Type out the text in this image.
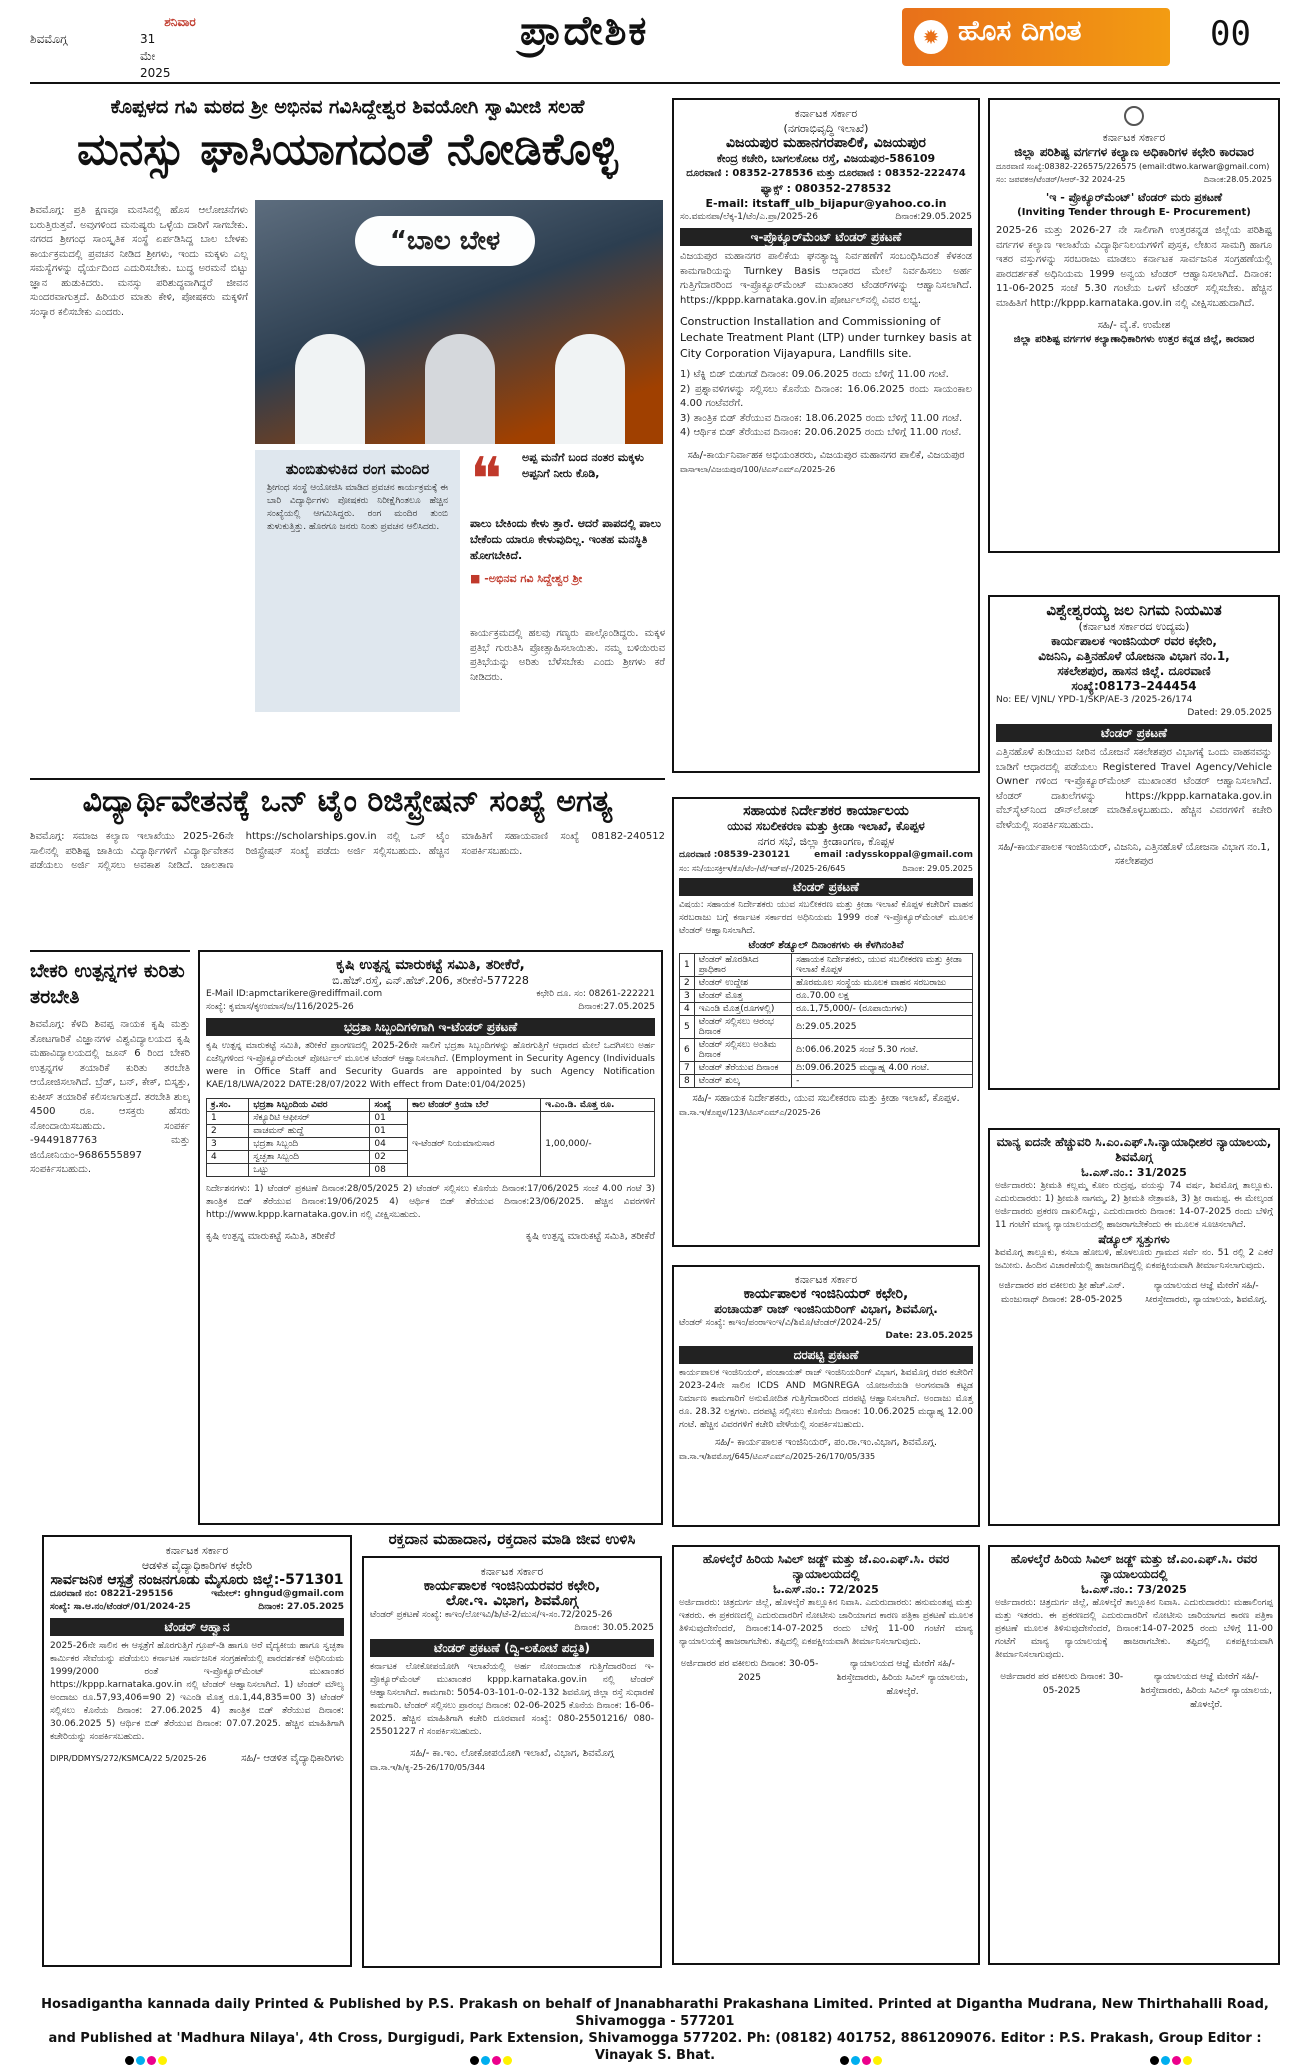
ಶನಿವಾರ
ಶಿವಮೊಗ್ಗ	31 ಮೇ 2025
ಪ್ರಾದೇಶಿಕ	✹ ಹೊಸ ದಿಗಂತ	00
ಕೊಪ್ಪಳದ ಗವಿ ಮಠದ ಶ್ರೀ ಅಭಿನವ ಗವಿಸಿದ್ದೇಶ್ವರ ಶಿವಯೋಗಿ ಸ್ವಾಮೀಜಿ ಸಲಹೆ
ಮನಸ್ಸು ಘಾಸಿಯಾಗದಂತೆ ನೋಡಿಕೊಳ್ಳಿ
ಶಿವಮೊಗ್ಗ: ಪ್ರತಿ ಕ್ಷಣವೂ ಮನಸಿನಲ್ಲಿ ಹೊಸ ಆಲೋಚನೆಗಳು ಬರುತ್ತಿರುತ್ತವೆ. ಅವುಗಳಿಂದ ಮನುಷ್ಯರು ಒಳ್ಳೆಯ ದಾರಿಗೆ ಸಾಗಬೇಕು. ನಗರದ ಶ್ರೀಗಂಧ ಸಾಂಸ್ಕೃತಿಕ ಸಂಸ್ಥೆ ಏರ್ಪಡಿಸಿದ್ದ ಬಾಲ ಬೇಳಕು ಕಾರ್ಯಕ್ರಮದಲ್ಲಿ ಪ್ರವಚನ ನೀಡಿದ ಶ್ರೀಗಳು, ಇಂದು ಮಕ್ಕಳು ಎಲ್ಲ ಸಮಸ್ಯೆಗಳನ್ನು ಧೈರ್ಯದಿಂದ ಎದುರಿಸಬೇಕು. ಬುದ್ಧ ಅರಮನೆ ಬಿಟ್ಟು ಜ್ಞಾನ ಹುಡುಕಿದರು. ಮನಸ್ಸು ಪರಿಶುದ್ಧವಾಗಿದ್ದರೆ ಜೀವನ ಸುಂದರವಾಗುತ್ತದೆ. ಹಿರಿಯರ ಮಾತು ಕೇಳಿ, ಪೋಷಕರು ಮಕ್ಕಳಿಗೆ ಸಂಸ್ಕಾರ ಕಲಿಸಬೇಕು ಎಂದರು.
“ಬಾಲ ಬೇಳ
ತುಂಬಿತುಳುಕಿದ ರಂಗ ಮಂದಿರ
ಶ್ರೀಗಂಧ ಸಂಸ್ಥೆ ಆಯೋಜಿಸಿ ಮಾಡಿದ ಪ್ರವಚನ ಕಾರ್ಯಕ್ರಮಕ್ಕೆ ಈ ಬಾರಿ ವಿದ್ಯಾರ್ಥಿಗಳು ಪೋಷಕರು ನಿರೀಕ್ಷೆಗಿಂತಲೂ ಹೆಚ್ಚಿನ ಸಂಖ್ಯೆಯಲ್ಲಿ ಆಗಮಿಸಿದ್ದರು. ರಂಗ ಮಂದಿರ ತುಂಬಿ ತುಳುಕುತ್ತಿತ್ತು. ಹೊರಗೂ ಜನರು ನಿಂತು ಪ್ರವಚನ ಆಲಿಸಿದರು.
❝	ಅಪ್ಪ ಮನೆಗೆ ಬಂದ ನಂತರ ಮಕ್ಕಳು ಅಪ್ಪನಿಗೆ ನೀರು ಕೊಡಿ,
ಪಾಲು ಬೇಕಿಂದು ಕೇಳು ತ್ತಾರೆ. ಆದರೆ ಪಾಪದಲ್ಲಿ ಪಾಲು ಬೇಕೆಂದು ಯಾರೂ ಕೇಳುವುದಿಲ್ಲ. ಇಂತಹ ಮನಸ್ಥಿತಿ ಹೋಗಬೇಕಿದೆ.
■ -ಅಭಿನವ ಗವಿ ಸಿದ್ದೇಶ್ವರ ಶ್ರೀ
ಕಾರ್ಯಕ್ರಮದಲ್ಲಿ ಹಲವು ಗಣ್ಯರು ಪಾಲ್ಗೊಂಡಿದ್ದರು. ಮಕ್ಕಳ ಪ್ರತಿಭೆ ಗುರುತಿಸಿ ಪ್ರೋತ್ಸಾಹಿಸಲಾಯಿತು. ನಮ್ಮ ಬಳಿಯಿರುವ ಪ್ರತಿಭೆಯನ್ನು ಅರಿತು ಬೆಳೆಸಬೇಕು ಎಂದು ಶ್ರೀಗಳು ಕರೆ ನೀಡಿದರು.
ವಿದ್ಯಾರ್ಥಿವೇತನಕ್ಕೆ ಒನ್ ಟೈಂ ರಿಜಿಸ್ಟ್ರೇಷನ್ ಸಂಖ್ಯೆ ಅಗತ್ಯ
ಶಿವಮೊಗ್ಗ: ಸಮಾಜ ಕಲ್ಯಾಣ ಇಲಾಖೆಯು 2025-26ನೇ ಸಾಲಿನಲ್ಲಿ ಪರಿಶಿಷ್ಟ ಜಾತಿಯ ವಿದ್ಯಾರ್ಥಿಗಳಿಗೆ ವಿದ್ಯಾರ್ಥಿವೇತನ ಪಡೆಯಲು ಅರ್ಜಿ ಸಲ್ಲಿಸಲು ಅವಕಾಶ ನೀಡಿದೆ. ಜಾಲತಾಣ https://scholarships.gov.in ನಲ್ಲಿ ಒನ್ ಟೈಂ ರಿಜಿಸ್ಟ್ರೇಷನ್ ಸಂಖ್ಯೆ ಪಡೆದು ಅರ್ಜಿ ಸಲ್ಲಿಸಬಹುದು. ಹೆಚ್ಚಿನ ಮಾಹಿತಿಗೆ ಸಹಾಯವಾಣಿ ಸಂಖ್ಯೆ 08182-240512 ಸಂಪರ್ಕಿಸಬಹುದು.
ಬೇಕರಿ ಉತ್ಪನ್ನಗಳ ಕುರಿತು ತರಬೇತಿ
ಶಿವಮೊಗ್ಗ: ಕೆಳದಿ ಶಿವಪ್ಪ ನಾಯಕ ಕೃಷಿ ಮತ್ತು ತೋಟಗಾರಿಕೆ ವಿಜ್ಞಾನಗಳ ವಿಶ್ವವಿದ್ಯಾಲಯದ ಕೃಷಿ ಮಹಾವಿದ್ಯಾಲಯದಲ್ಲಿ ಜೂನ್ 6 ರಿಂದ ಬೇಕರಿ ಉತ್ಪನ್ನಗಳ ತಯಾರಿಕೆ ಕುರಿತು ತರಬೇತಿ ಆಯೋಜಿಸಲಾಗಿದೆ. ಬ್ರೆಡ್, ಬನ್, ಕೇಕ್, ಬಿಸ್ಕತ್ತು, ಕುಕೀಸ್ ತಯಾರಿಕೆ ಕಲಿಸಲಾಗುತ್ತದೆ. ತರಬೇತಿ ಶುಲ್ಕ 4500 ರೂ. ಆಸಕ್ತರು ಹೆಸರು ನೋಂದಾಯಿಸಬಹುದು. ಸಂಪರ್ಕ -9449187763 ಮತ್ತು ಜಿಯೋನಿಯಂ-9686555897 ಸಂಪರ್ಕಿಸಬಹುದು.
ಕೃಷಿ ಉತ್ಪನ್ನ ಮಾರುಕಟ್ಟೆ ಸಮಿತಿ, ತರೀಕೆರೆ,
ಬಿ.ಹೆಚ್.ರಸ್ತೆ, ಎನ್.ಹೆಚ್.206, ತರೀಕೆರೆ-577228
E-Mail ID:apmctarikere@rediffmail.com	ಕಛೇರಿ ದೂ. ಸಂ: 08261-222221
ಸಂಖ್ಯೆ: ಕೃಮಾಸ/ಕೃಉಮಾಸ/ಜ/116/2025-26	ದಿನಾಂಕ:27.05.2025
ಭದ್ರತಾ ಸಿಬ್ಬಂದಿಗಳಿಗಾಗಿ ಇ-ಟೆಂಡರ್ ಪ್ರಕಟಣೆ
ಕೃಷಿ ಉತ್ಪನ್ನ ಮಾರುಕಟ್ಟೆ ಸಮಿತಿ, ತರೀಕೆರೆ ಪ್ರಾಂಗಣದಲ್ಲಿ 2025-26ನೇ ಸಾಲಿಗೆ ಭದ್ರತಾ ಸಿಬ್ಬಂದಿಗಳನ್ನು ಹೊರಗುತ್ತಿಗೆ ಆಧಾರದ ಮೇಲೆ ಒದಗಿಸಲು ಅರ್ಹ ಏಜೆನ್ಸಿಗಳಿಂದ ಇ-ಪ್ರೊಕ್ಯೂರ್‌ಮೆಂಟ್ ಪೋರ್ಟಲ್ ಮೂಲಕ ಟೆಂಡರ್ ಆಹ್ವಾನಿಸಲಾಗಿದೆ. (Employment in Security Agency (Individuals were in Office Staff and Security Guards are appointed by such Agency Notification KAE/18/LWA/2022 DATE:28/07/2022 With effect from Date:01/04/2025)
ಕ್ರ.ಸಂ.	ಭದ್ರತಾ ಸಿಬ್ಬಂದಿಯ ವಿವರ	ಸಂಖ್ಯೆ	ಕಾಲ ಟೆಂಡರ್ ಕ್ರಿಯಾ ಬೆಲೆ	ಇ.ಎಂ.ಡಿ. ಮೊತ್ತ ರೂ.
1	ಸೆಕ್ಯೂರಿಟಿ ಆಫೀಸರ್	01	ಇ-ಟೆಂಡರ್ ನಿಯಮಾನುಸಾರ	1,00,000/-
2	ವಾಚಮನ್ ಹುದ್ದೆ	01		
3	ಭದ್ರತಾ ಸಿಬ್ಬಂದಿ	04		
4	ಸ್ವಚ್ಛತಾ ಸಿಬ್ಬಂದಿ	02		
	ಒಟ್ಟು	08		
ನಿರ್ದೇಶನಗಳು: 1) ಟೆಂಡರ್ ಪ್ರಕಟಣೆ ದಿನಾಂಕ:28/05/2025 2) ಟೆಂಡರ್ ಸಲ್ಲಿಸಲು ಕೊನೆಯ ದಿನಾಂಕ:17/06/2025 ಸಂಜೆ 4.00 ಗಂಟೆ 3) ತಾಂತ್ರಿಕ ಬಿಡ್ ತೆರೆಯುವ ದಿನಾಂಕ:19/06/2025 4) ಆರ್ಥಿಕ ಬಿಡ್ ತೆರೆಯುವ ದಿನಾಂಕ:23/06/2025. ಹೆಚ್ಚಿನ ವಿವರಗಳಿಗೆ http://www.kppp.karnataka.gov.in ನಲ್ಲಿ ವೀಕ್ಷಿಸಬಹುದು.
ಕೃಷಿ ಉತ್ಪನ್ನ ಮಾರುಕಟ್ಟೆ ಸಮಿತಿ, ತರೀಕೆರೆ	ಕೃಷಿ ಉತ್ಪನ್ನ ಮಾರುಕಟ್ಟೆ ಸಮಿತಿ, ತರೀಕೆರೆ
ಕರ್ನಾಟಕ ಸರ್ಕಾರ
ಆಡಳಿತ ವೈದ್ಯಾಧಿಕಾರಿಗಳ ಕಛೇರಿ
ಸಾರ್ವಜನಿಕ ಆಸ್ಪತ್ರೆ ನಂಜನಗೂಡು ಮೈಸೂರು ಜಿಲ್ಲೆ:-571301
ದೂರವಾಣಿ ನಂ: 08221-295156	ಇಮೇಲ್: ghngud@gmail.com
ಸಂಖ್ಯೆ: ಸಾ.ಆ.ನಂ/ಟೆಂಡರ್/01/2024-25	ದಿನಾಂಕ: 27.05.2025
ಟೆಂಡರ್ ಆಹ್ವಾನ
2025-26ನೇ ಸಾಲಿನ ಈ ಆಸ್ಪತ್ರೆಗೆ ಹೊರಗುತ್ತಿಗೆ ಗ್ರೂಪ್-ಡಿ ಹಾಗೂ ಅರೆ ವೈದ್ಯಕೀಯ ಹಾಗೂ ಸ್ವಚ್ಛತಾ ಕಾರ್ಮಿಕರ ಸೇವೆಯನ್ನು ಪಡೆಯಲು ಕರ್ನಾಟಕ ಸಾರ್ವಜನಿಕ ಸಂಗ್ರಹಣೆಯಲ್ಲಿ ಪಾರದರ್ಶಕತೆ ಅಧಿನಿಯಮ 1999/2000 ರಂತೆ ಇ-ಪ್ರೊಕ್ಯೂರ್‌ಮೆಂಟ್ ಮುಖಾಂತರ https://kppp.karnataka.gov.in ನಲ್ಲಿ ಟೆಂಡರ್ ಆಹ್ವಾನಿಸಲಾಗಿದೆ. 1) ಟೆಂಡರ್ ಮೌಲ್ಯ ಅಂದಾಜು ರೂ.57,93,406=90 2) ಇಎಂಡಿ ಮೊತ್ತ ರೂ.1,44,835=00 3) ಟೆಂಡರ್ ಸಲ್ಲಿಸಲು ಕೊನೆಯ ದಿನಾಂಕ: 27.06.2025 4) ತಾಂತ್ರಿಕ ಬಿಡ್ ತೆರೆಯುವ ದಿನಾಂಕ: 30.06.2025 5) ಆರ್ಥಿಕ ಬಿಡ್ ತೆರೆಯುವ ದಿನಾಂಕ: 07.07.2025. ಹೆಚ್ಚಿನ ಮಾಹಿತಿಗಾಗಿ ಕಚೇರಿಯನ್ನು ಸಂಪರ್ಕಿಸಬಹುದು.
DIPR/DDMYS/272/KSMCA/22 5/2025-26	ಸಹಿ/- ಆಡಳಿತ ವೈದ್ಯಾಧಿಕಾರಿಗಳು
ರಕ್ತದಾನ ಮಹಾದಾನ, ರಕ್ತದಾನ ಮಾಡಿ ಜೀವ ಉಳಿಸಿ
ಕರ್ನಾಟಕ ಸರ್ಕಾರ
ಕಾರ್ಯಪಾಲಕ ಇಂಜಿನಿಯರವರ ಕಛೇರಿ,
ಲೋ.ಇ. ವಿಭಾಗ, ಶಿವಮೊಗ್ಗ
ಟೆಂಡರ್ ಪ್ರಕಟಣೆ ಸಂಖ್ಯೆ: ಕಾಇಂ/ಲೋಇವಿ/ಶಿ/ಟೆ-2/ಮುಸ/ಇ-ಸಂ.72/2025-26
ದಿನಾಂಕ: 30.05.2025
ಟೆಂಡರ್ ಪ್ರಕಟಣೆ (ದ್ವಿ-ಲಕೋಟೆ ಪದ್ಧತಿ)
ಕರ್ನಾಟಕ ಲೋಕೋಪಯೋಗಿ ಇಲಾಖೆಯಲ್ಲಿ ಅರ್ಹ ನೋಂದಾಯಿತ ಗುತ್ತಿಗೆದಾರರಿಂದ ಇ-ಪ್ರೊಕ್ಯೂರ್‌ಮೆಂಟ್ ಮುಖಾಂತರ kppp.karnataka.gov.in ನಲ್ಲಿ ಟೆಂಡರ್ ಆಹ್ವಾನಿಸಲಾಗಿದೆ. ಕಾಮಗಾರಿ: 5054-03-101-0-02-132 ಶಿವಮೊಗ್ಗ ಜಿಲ್ಲಾ ರಸ್ತೆ ಸುಧಾರಣೆ ಕಾಮಗಾರಿ. ಟೆಂಡರ್ ಸಲ್ಲಿಸಲು ಪ್ರಾರಂಭ ದಿನಾಂಕ: 02-06-2025 ಕೊನೆಯ ದಿನಾಂಕ: 16-06-2025. ಹೆಚ್ಚಿನ ಮಾಹಿತಿಗಾಗಿ ಕಚೇರಿ ದೂರವಾಣಿ ಸಂಖ್ಯೆ: 080-25501216/ 080-25501227 ಗೆ ಸಂಪರ್ಕಿಸಬಹುದು.
ಸಹಿ/- ಕಾ.ಇಂ. ಲೋಕೋಪಯೋಗಿ ಇಲಾಖೆ, ವಿಭಾಗ, ಶಿವಮೊಗ್ಗ
ವಾ.ಸಾ.ಇ/ಶಿ/ಕೃ-25-26/170/05/344
ಕರ್ನಾಟಕ ಸರ್ಕಾರ
(ನಗರಾಭಿವೃದ್ಧಿ ಇಲಾಖೆ)
ವಿಜಯಪುರ ಮಹಾನಗರಪಾಲಿಕೆ, ವಿಜಯಪುರ
ಕೇಂದ್ರ ಕಚೇರಿ, ಬಾಗಲಕೋಟ ರಸ್ತೆ, ವಿಜಯಪುರ-586109
ದೂರವಾಣಿ : 08352-278536 ಮತ್ತು ದೂರವಾಣಿ : 08352-222474
ಫ್ಯಾಕ್ಸ್ : 080352-278532
E-mail: itstaff_ulb_bijapur@yahoo.co.in
ಸಂ.ವಮನಪಾ/ಲೆಕ್ಕ-1/ಟೆಂ/ಎ.ಪ್ರಾ/2025-26	ದಿನಾಂಕ:29.05.2025
ಇ-ಪ್ರೊಕ್ಯೂರ್‌ಮೆಂಟ್ ಟೆಂಡರ್ ಪ್ರಕಟಣೆ
ವಿಜಯಪುರ ಮಹಾನಗರ ಪಾಲಿಕೆಯ ಘನತ್ಯಾಜ್ಯ ನಿರ್ವಹಣೆಗೆ ಸಂಬಂಧಿಸಿದಂತೆ ಕೆಳಕಂಡ ಕಾಮಗಾರಿಯನ್ನು Turnkey Basis ಆಧಾರದ ಮೇಲೆ ನಿರ್ವಹಿಸಲು ಅರ್ಹ ಗುತ್ತಿಗೆದಾರರಿಂದ ಇ-ಪ್ರೊಕ್ಯೂರ್‌ಮೆಂಟ್ ಮುಖಾಂತರ ಟೆಂಡರ್‌ಗಳನ್ನು ಆಹ್ವಾನಿಸಲಾಗಿದೆ. https://kppp.karnataka.gov.in ಪೋರ್ಟಲ್‌ನಲ್ಲಿ ವಿವರ ಲಭ್ಯ.
Construction Installation and Commissioning of Lechate Treatment Plant (LTP) under turnkey basis at City Corporation Vijayapura, Landfills site.
1) ಟೆಕ್ನಿ ಬಿಡ್ ಬಿಡುಗಡೆ ದಿನಾಂಕ: 09.06.2025 ರಂದು ಬೆಳಿಗ್ಗೆ 11.00 ಗಂಟೆ.
2) ಪ್ರಶ್ನಾವಳಿಗಳನ್ನು ಸಲ್ಲಿಸಲು ಕೊನೆಯ ದಿನಾಂಕ: 16.06.2025 ರಂದು ಸಾಯಂಕಾಲ 4.00 ಗಂಟೆವರೆಗೆ.
3) ತಾಂತ್ರಿಕ ಬಿಡ್ ತೆರೆಯುವ ದಿನಾಂಕ: 18.06.2025 ರಂದು ಬೆಳಿಗ್ಗೆ 11.00 ಗಂಟೆ.
4) ಆರ್ಥಿಕ ಬಿಡ್ ತೆರೆಯುವ ದಿನಾಂಕ: 20.06.2025 ರಂದು ಬೆಳಿಗ್ಗೆ 11.00 ಗಂಟೆ.
ಸಹಿ/-ಕಾರ್ಯನಿರ್ವಾಹಕ ಅಭಿಯಂತರರು, ವಿಜಯಪುರ ಮಹಾನಗರ ಪಾಲಿಕೆ, ವಿಜಯಪುರ
ವಾಸಾಇಲಾ/ವಿಜಯಪುರ/100/ಟಿಎಸ್‌ಎಮ್‌ಎ/2025-26
ಕರ್ನಾಟಕ ಸರ್ಕಾರ
ಜಿಲ್ಲಾ ಪರಿಶಿಷ್ಟ ವರ್ಗಗಳ ಕಲ್ಯಾಣ ಅಧಿಕಾರಿಗಳ ಕಛೇರಿ ಕಾರವಾರ
ದೂರವಾಣಿ ಸಂಖ್ಯೆ:08382-226575/226575 (email:dtwo.karwar@gmail.com)
ಸಂ: ಜಪವಕಅ/ಟೆಂಡರ್/ಸಿಆರ್-32 2024-25	ದಿನಾಂಕ:28.05.2025
'ಇ - ಪ್ರೊಕ್ಯೂರ್‌ಮೆಂಟ್' ಟೆಂಡರ್ ಮರು ಪ್ರಕಟಣೆ
(Inviting Tender through E- Procurement)
2025-26 ಮತ್ತು 2026-27 ನೇ ಸಾಲಿಗಾಗಿ ಉತ್ತರಕನ್ನಡ ಜಿಲ್ಲೆಯ ಪರಿಶಿಷ್ಟ ವರ್ಗಗಳ ಕಲ್ಯಾಣ ಇಲಾಖೆಯ ವಿದ್ಯಾರ್ಥಿನಿಲಯಗಳಿಗೆ ಪುಸ್ತಕ, ಲೇಖನ ಸಾಮಗ್ರಿ ಹಾಗೂ ಇತರ ವಸ್ತುಗಳನ್ನು ಸರಬರಾಜು ಮಾಡಲು ಕರ್ನಾಟಕ ಸಾರ್ವಜನಿಕ ಸಂಗ್ರಹಣೆಯಲ್ಲಿ ಪಾರದರ್ಶಕತೆ ಅಧಿನಿಯಮ 1999 ಅನ್ವಯ ಟೆಂಡರ್ ಆಹ್ವಾನಿಸಲಾಗಿದೆ. ದಿನಾಂಕ: 11-06-2025 ಸಂಜೆ 5.30 ಗಂಟೆಯ ಒಳಗೆ ಟೆಂಡರ್ ಸಲ್ಲಿಸಬೇಕು. ಹೆಚ್ಚಿನ ಮಾಹಿತಿಗೆ http://kppp.karnataka.gov.in ನಲ್ಲಿ ವೀಕ್ಷಿಸಬಹುದಾಗಿದೆ.
ಸಹಿ/- ವೈ.ಕೆ. ಉಮೇಶ
ಜಿಲ್ಲಾ ಪರಿಶಿಷ್ಟ ವರ್ಗಗಳ ಕಲ್ಯಾಣಾಧಿಕಾರಿಗಳು ಉತ್ತರ ಕನ್ನಡ ಜಿಲ್ಲೆ, ಕಾರವಾರ
ವಿಶ್ವೇಶ್ವರಯ್ಯ ಜಲ ನಿಗಮ ನಿಯಮಿತ
(ಕರ್ನಾಟಕ ಸರ್ಕಾರದ ಉದ್ಯಮ)
ಕಾರ್ಯಪಾಲಕ ಇಂಜಿನಿಯರ್ ರವರ ಕಛೇರಿ,
ವಿಜನಿನಿ, ಎತ್ತಿನಹೊಳೆ ಯೋಜನಾ ವಿಭಾಗ ನಂ.1,
ಸಕಲೇಶಪುರ, ಹಾಸನ ಜಿಲ್ಲೆ. ದೂರವಾಣಿ
ಸಂಖ್ಯೆ:08173–244454
No: EE/ VJNL/ YPD-1/SKP/AE-3 /2025-26/174
Dated: 29.05.2025
ಟೆಂಡರ್ ಪ್ರಕಟಣೆ
ಎತ್ತಿನಹೊಳೆ ಕುಡಿಯುವ ನೀರಿನ ಯೋಜನೆ ಸಕಲೇಶಪುರ ವಿಭಾಗಕ್ಕೆ ಒಂದು ವಾಹನವನ್ನು ಬಾಡಿಗೆ ಆಧಾರದಲ್ಲಿ ಪಡೆಯಲು Registered Travel Agency/Vehicle Owner ಗಳಿಂದ ಇ-ಪ್ರೊಕ್ಯೂರ್‌ಮೆಂಟ್ ಮುಖಾಂತರ ಟೆಂಡರ್ ಆಹ್ವಾನಿಸಲಾಗಿದೆ. ಟೆಂಡರ್ ದಾಖಲೆಗಳನ್ನು https://kppp.karnataka.gov.in ವೆಬ್‌ಸೈಟ್‌ನಿಂದ ಡೌನ್‌ಲೋಡ್ ಮಾಡಿಕೊಳ್ಳಬಹುದು. ಹೆಚ್ಚಿನ ವಿವರಗಳಿಗೆ ಕಚೇರಿ ವೇಳೆಯಲ್ಲಿ ಸಂಪರ್ಕಿಸಬಹುದು.
ಸಹಿ/-ಕಾರ್ಯಪಾಲಕ ಇಂಜಿನಿಯರ್, ವಿಜನಿನಿ, ಎತ್ತಿನಹೊಳೆ ಯೋಜನಾ ವಿಭಾಗ ನಂ.1, ಸಕಲೇಶಪುರ
ಸಹಾಯಕ ನಿರ್ದೇಶಕರ ಕಾರ್ಯಾಲಯ
ಯುವ ಸಬಲೀಕರಣ ಮತ್ತು ಕ್ರೀಡಾ ಇಲಾಖೆ, ಕೊಪ್ಪಳ
ನಗರ ಸಭೆ, ಜಿಲ್ಲಾ ಕ್ರೀಡಾಂಗಣ, ಕೊಪ್ಪಳ
ದೂರವಾಣಿ :08539-230121	email :adysskoppal@gmail.com
ಸಂ: ಸನಿ/ಯುಸಕ್ರೀಇ/ಕೊ/ಟೆಂ-/ಟೆ/ಇಡ್‌ಪ/-/2025-26/645	ದಿನಾಂಕ: 29.05.2025
ಟೆಂಡರ್ ಪ್ರಕಟಣೆ
ವಿಷಯ: ಸಹಾಯಕ ನಿರ್ದೇಶಕರು ಯುವ ಸಬಲೀಕರಣ ಮತ್ತು ಕ್ರೀಡಾ ಇಲಾಖೆ ಕೊಪ್ಪಳ ಕಚೇರಿಗೆ ವಾಹನ ಸರಬರಾಜು ಬಗ್ಗೆ ಕರ್ನಾಟಕ ಸರ್ಕಾರದ ಅಧಿನಿಯಮ 1999 ರಂತೆ ಇ-ಪ್ರೊಕ್ಯೂರ್‌ಮೆಂಟ್ ಮೂಲಕ ಟೆಂಡರ್ ಆಹ್ವಾನಿಸಲಾಗಿದೆ.
ಟೆಂಡರ್ ಶೆಡ್ಯೂಲ್ ದಿನಾಂಕಗಳು ಈ ಕೆಳಗಿನಂತಿವೆ
1	ಟೆಂಡರ್ ಹೊರಡಿಸಿದ ಪ್ರಾಧಿಕಾರ	ಸಹಾಯಕ ನಿರ್ದೇಶಕರು, ಯುವ ಸಬಲೀಕರಣ ಮತ್ತು ಕ್ರೀಡಾ ಇಲಾಖೆ ಕೊಪ್ಪಳ
2	ಟೆಂಡರ್ ಉದ್ದೇಶ	ಹೊರಮೂಲ ಸಂಸ್ಥೆಯ ಮೂಲಕ ವಾಹನ ಸರಬರಾಜು
3	ಟೆಂಡರ್ ಮೊತ್ತ	ರೂ.70.00 ಲಕ್ಷ
4	ಇಎಂಡಿ ಮೊತ್ತ(ರೂಗಳಲ್ಲಿ)	ರೂ.1,75,000/- (ರೂಪಾಯಿಗಳು)
5	ಟೆಂಡರ್ ಸಲ್ಲಿಸಲು ಆರಂಭ ದಿನಾಂಕ	ದಿ:29.05.2025
6	ಟೆಂಡರ್ ಸಲ್ಲಿಸಲು ಅಂತಿಮ ದಿನಾಂಕ	ದಿ:06.06.2025 ಸಂಜೆ 5.30 ಗಂಟೆ.
7	ಟೆಂಡರ್ ತೆರೆಯುವ ದಿನಾಂಕ	ದಿ:09.06.2025 ಮಧ್ಯಾಹ್ನ 4.00 ಗಂಟೆ.
8	ಟೆಂಡರ್ ಶುಲ್ಕ	-
ಸಹಿ/- ಸಹಾಯಕ ನಿರ್ದೇಶಕರು, ಯುವ ಸಬಲೀಕರಣ ಮತ್ತು ಕ್ರೀಡಾ ಇಲಾಖೆ, ಕೊಪ್ಪಳ.
ವಾ.ಸಾ.ಇ/ಕೊಪ್ಪಳ/123/ಟಿಎಸ್‌ಎಮ್‌ಎ/2025-26
ಕರ್ನಾಟಕ ಸರ್ಕಾರ
ಕಾರ್ಯಪಾಲಕ ಇಂಜಿನಿಯರ್ ಕಛೇರಿ,
ಪಂಚಾಯತ್ ರಾಜ್ ಇಂಜಿನಿಯರಿಂಗ್ ವಿಭಾಗ, ಶಿವಮೊಗ್ಗ.
ಟೆಂಡರ್ ಸಂಖ್ಯೆ: ಕಾಇಂ/ಪಂರಾಇಂಇ/ವಿ/ಶಿಮೊ/ಟೆಂಡರ್/2024-25/
Date: 23.05.2025
ದರಪಟ್ಟಿ ಪ್ರಕಟಣೆ
ಕಾರ್ಯಪಾಲಕ ಇಂಜಿನಿಯರ್, ಪಂಚಾಯತ್ ರಾಜ್ ಇಂಜಿನಿಯರಿಂಗ್ ವಿಭಾಗ, ಶಿವಮೊಗ್ಗ ರವರ ಕಚೇರಿಗೆ 2023-24ನೇ ಸಾಲಿನ ICDS AND MGNREGA ಯೋಜನೆಯಡಿ ಅಂಗನವಾಡಿ ಕಟ್ಟಡ ನಿರ್ಮಾಣ ಕಾಮಗಾರಿಗೆ ಅನುಮೋದಿತ ಗುತ್ತಿಗೆದಾರರಿಂದ ದರಪಟ್ಟಿ ಆಹ್ವಾನಿಸಲಾಗಿದೆ. ಅಂದಾಜು ಮೊತ್ತ ರೂ. 28.32 ಲಕ್ಷಗಳು. ದರಪಟ್ಟಿ ಸಲ್ಲಿಸಲು ಕೊನೆಯ ದಿನಾಂಕ: 10.06.2025 ಮಧ್ಯಾಹ್ನ 12.00 ಗಂಟೆ. ಹೆಚ್ಚಿನ ವಿವರಗಳಿಗೆ ಕಚೇರಿ ವೇಳೆಯಲ್ಲಿ ಸಂಪರ್ಕಿಸಬಹುದು.
ಸಹಿ/- ಕಾರ್ಯಪಾಲಕ ಇಂಜಿನಿಯರ್, ಪಂ.ರಾ.ಇಂ.ವಿಭಾಗ, ಶಿವಮೊಗ್ಗ.
ವಾ.ಸಾ.ಇ/ಶಿವಮೊಗ್ಗ/645/ಟಿಎಸ್‌ಎಮ್‌ಎ/2025-26/170/05/335
ಮಾನ್ಯ ಐದನೇ ಹೆಚ್ಚುವರಿ ಸಿ.ಎಂ.ಎಫ್.ಸಿ.ನ್ಯಾಯಾಧೀಶರ ನ್ಯಾಯಾಲಯ, ಶಿವಮೊಗ್ಗ
ಓ.ಎಸ್.ನಂ.: 31/2025
ಅರ್ಜಿದಾರರು: ಶ್ರೀಮತಿ ಕಲ್ಲಮ್ಮ ಕೋಂ ರುದ್ರಪ್ಪ, ವಯಸ್ಸು 74 ವರ್ಷ, ಶಿವಮೊಗ್ಗ ತಾಲ್ಲೂಕು. ಎದುರುದಾರರು: 1) ಶ್ರೀಮತಿ ನಾಗಮ್ಮ, 2) ಶ್ರೀಮತಿ ನೇತ್ರಾವತಿ, 3) ಶ್ರೀ ರಾಮಪ್ಪ. ಈ ಮೇಲ್ಕಂಡ ಅರ್ಜಿದಾರರು ಪ್ರಕರಣ ದಾಖಲಿಸಿದ್ದು, ಎದುರುದಾರರು ದಿನಾಂಕ: 14-07-2025 ರಂದು ಬೆಳಿಗ್ಗೆ 11 ಗಂಟೆಗೆ ಮಾನ್ಯ ನ್ಯಾಯಾಲಯದಲ್ಲಿ ಹಾಜರಾಗಬೇಕೆಂದು ಈ ಮೂಲಕ ಸೂಚಿಸಲಾಗಿದೆ.
ಷೆಡ್ಯೂಲ್ ಸ್ವತ್ತುಗಳು
ಶಿವಮೊಗ್ಗ ತಾಲ್ಲೂಕು, ಕಸಬಾ ಹೋಬಳಿ, ಹೊಳಲೂರು ಗ್ರಾಮದ ಸರ್ವೆ ನಂ. 51 ರಲ್ಲಿ 2 ಎಕರೆ ಜಮೀನು. ಹಿಂದಿನ ವಿಚಾರಣೆಯಲ್ಲಿ ಹಾಜರಾಗದಿದ್ದಲ್ಲಿ ಏಕಪಕ್ಷೀಯವಾಗಿ ತೀರ್ಮಾನಿಸಲಾಗುವುದು.
ಅರ್ಜಿದಾರರ ಪರ ವಕೀಲರು ಶ್ರೀ ಹೆಚ್.ಎನ್. ಮಂಜುನಾಥ್ ದಿನಾಂಕ: 28-05-2025
ನ್ಯಾಯಾಲಯದ ಆಜ್ಞೆ ಮೇರೆಗೆ ಸಹಿ/- ಸೀರಸ್ತೇದಾರರು, ನ್ಯಾಯಾಲಯ, ಶಿವಮೊಗ್ಗ.
ಹೊಳಲ್ಕೆರೆ ಹಿರಿಯ ಸಿವಿಲ್ ಜಡ್ಜ್ ಮತ್ತು ಜೆ.ಎಂ.ಎಫ್.ಸಿ. ರವರ ನ್ಯಾಯಾಲಯದಲ್ಲಿ
ಓ.ಎಸ್.ನಂ.: 72/2025
ಅರ್ಜಿದಾರರು: ಚಿತ್ರದುರ್ಗ ಜಿಲ್ಲೆ, ಹೊಳಲ್ಕೆರೆ ತಾಲ್ಲೂಕಿನ ನಿವಾಸಿ. ಎದುರುದಾರರು: ಹನುಮಂತಪ್ಪ ಮತ್ತು ಇತರರು. ಈ ಪ್ರಕರಣದಲ್ಲಿ ಎದುರುದಾರರಿಗೆ ನೋಟೀಸು ಜಾರಿಯಾಗದ ಕಾರಣ ಪತ್ರಿಕಾ ಪ್ರಕಟಣೆ ಮೂಲಕ ತಿಳಿಸುವುದೇನೆಂದರೆ, ದಿನಾಂಕ:14-07-2025 ರಂದು ಬೆಳಿಗ್ಗೆ 11-00 ಗಂಟೆಗೆ ಮಾನ್ಯ ನ್ಯಾಯಾಲಯಕ್ಕೆ ಹಾಜರಾಗಬೇಕು. ತಪ್ಪಿದಲ್ಲಿ ಏಕಪಕ್ಷೀಯವಾಗಿ ತೀರ್ಮಾನಿಸಲಾಗುವುದು.
ಅರ್ಜಿದಾರರ ಪರ ವಕೀಲರು ದಿನಾಂಕ: 30-05-2025
ನ್ಯಾಯಾಲಯದ ಆಜ್ಞೆ ಮೇರೆಗೆ ಸಹಿ/- ಶಿರಸ್ತೇದಾರರು, ಹಿರಿಯ ಸಿವಿಲ್ ನ್ಯಾಯಾಲಯ, ಹೊಳಲ್ಕೆರೆ.
ಹೊಳಲ್ಕೆರೆ ಹಿರಿಯ ಸಿವಿಲ್ ಜಡ್ಜ್ ಮತ್ತು ಜೆ.ಎಂ.ಎಫ್.ಸಿ. ರವರ ನ್ಯಾಯಾಲಯದಲ್ಲಿ
ಓ.ಎಸ್.ನಂ.: 73/2025
ಅರ್ಜಿದಾರರು: ಚಿತ್ರದುರ್ಗ ಜಿಲ್ಲೆ, ಹೊಳಲ್ಕೆರೆ ತಾಲ್ಲೂಕಿನ ನಿವಾಸಿ. ಎದುರುದಾರರು: ಮಹಾಲಿಂಗಪ್ಪ ಮತ್ತು ಇತರರು. ಈ ಪ್ರಕರಣದಲ್ಲಿ ಎದುರುದಾರರಿಗೆ ನೋಟೀಸು ಜಾರಿಯಾಗದ ಕಾರಣ ಪತ್ರಿಕಾ ಪ್ರಕಟಣೆ ಮೂಲಕ ತಿಳಿಸುವುದೇನೆಂದರೆ, ದಿನಾಂಕ:14-07-2025 ರಂದು ಬೆಳಿಗ್ಗೆ 11-00 ಗಂಟೆಗೆ ಮಾನ್ಯ ನ್ಯಾಯಾಲಯಕ್ಕೆ ಹಾಜರಾಗಬೇಕು. ತಪ್ಪಿದಲ್ಲಿ ಏಕಪಕ್ಷೀಯವಾಗಿ ತೀರ್ಮಾನಿಸಲಾಗುವುದು.
ಅರ್ಜಿದಾರರ ಪರ ವಕೀಲರು ದಿನಾಂಕ: 30-05-2025
ನ್ಯಾಯಾಲಯದ ಆಜ್ಞೆ ಮೇರೆಗೆ ಸಹಿ/- ಶಿರಸ್ತೇದಾರರು, ಹಿರಿಯ ಸಿವಿಲ್ ನ್ಯಾಯಾಲಯ, ಹೊಳಲ್ಕೆರೆ.
Hosadigantha kannada daily Printed & Published by P.S. Prakash on behalf of Jnanabharathi Prakashana Limited. Printed at Digantha Mudrana, New Thirthahalli Road, Shivamogga - 577201
and Published at 'Madhura Nilaya', 4th Cross, Durgigudi, Park Extension, Shivamogga 577202. Ph: (08182) 401752, 8861209076. Editor : P.S. Prakash, Group Editor : Vinayak S. Bhat.
